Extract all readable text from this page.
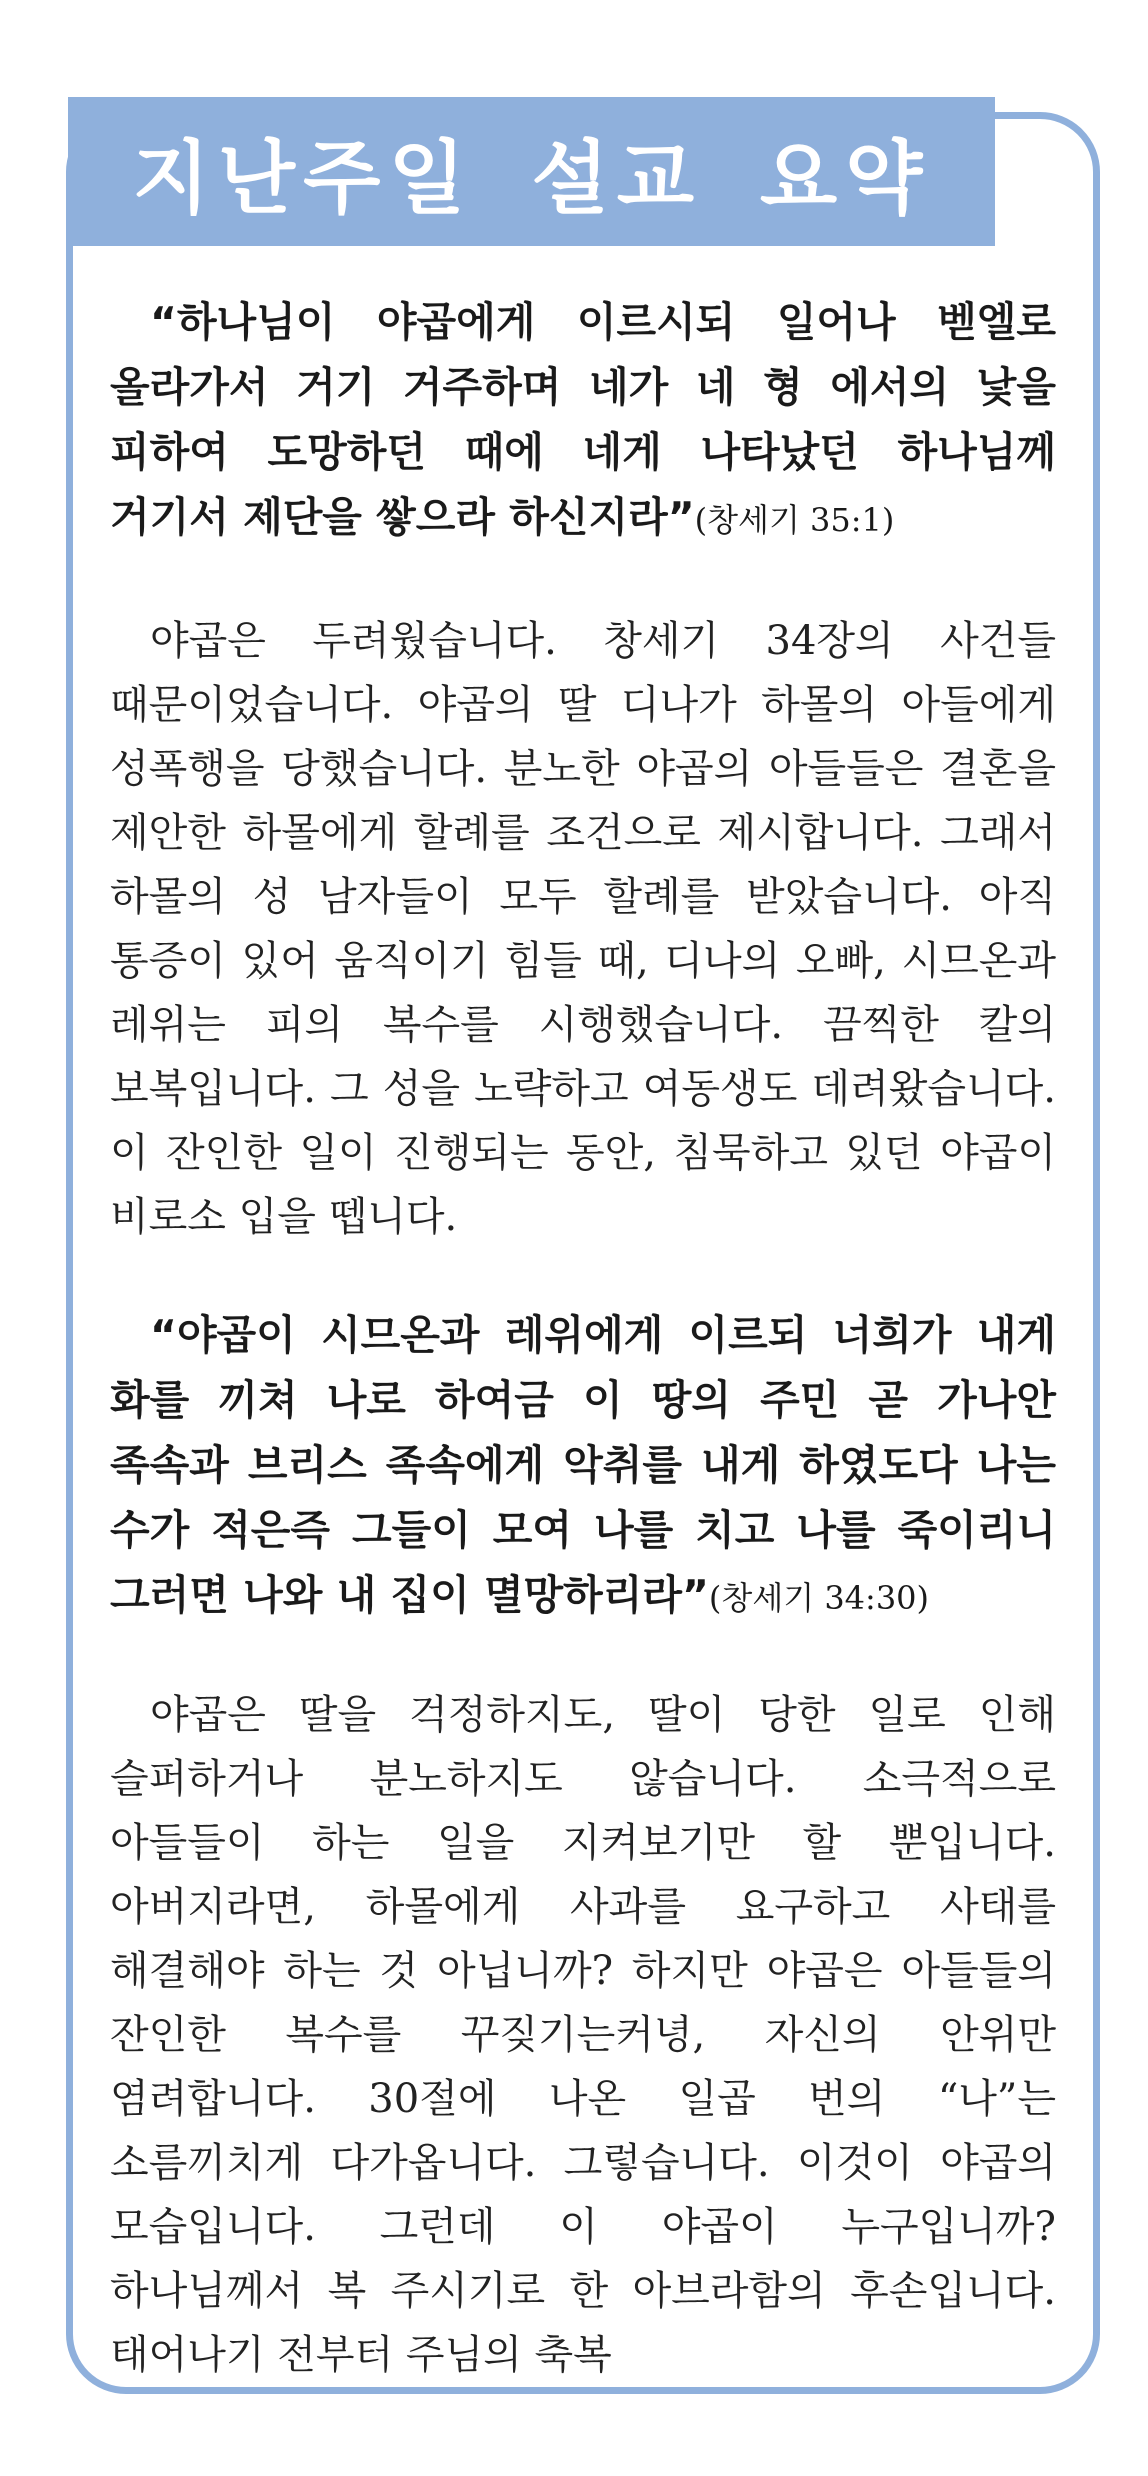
지난주일 설교 요약

“하나님이 야곱에게 이르시되 일어나 벧엘로 올라가서 거기 거주하며 네가 네 형 에서의 낯을 피하여 도망하던 때에 네게 나타났던 하나님께 거기서 제단을 쌓으라 하신지라”(창세기 35:1)

야곱은 두려웠습니다. 창세기 34장의 사건들 때문이었습니다. 야곱의 딸 디나가 하몰의 아들에게 성폭행을 당했습니다. 분노한 야곱의 아들들은 결혼을 제안한 하몰에게 할례를 조건으로 제시합니다. 그래서 하몰의 성 남자들이 모두 할례를 받았습니다. 아직 통증이 있어 움직이기 힘들 때, 디나의 오빠, 시므온과 레위는 피의 복수를 시행했습니다. 끔찍한 칼의 보복입니다. 그 성을 노략하고 여동생도 데려왔습니다. 이 잔인한 일이 진행되는 동안, 침묵하고 있던 야곱이 비로소 입을 뗍니다.

“야곱이 시므온과 레위에게 이르되 너희가 내게 화를 끼쳐 나로 하여금 이 땅의 주민 곧 가나안 족속과 브리스 족속에게 악취를 내게 하였도다 나는 수가 적은즉 그들이 모여 나를 치고 나를 죽이리니 그러면 나와 내 집이 멸망하리라”(창세기 34:30)

야곱은 딸을 걱정하지도, 딸이 당한 일로 인해 슬퍼하거나 분노하지도 않습니다. 소극적으로 아들들이 하는 일을 지켜보기만 할 뿐입니다. 아버지라면, 하몰에게 사과를 요구하고 사태를 해결해야 하는 것 아닙니까? 하지만 야곱은 아들들의 잔인한 복수를 꾸짖기는커녕, 자신의 안위만 염려합니다. 30절에 나온 일곱 번의 “나”는 소름끼치게 다가옵니다. 그렇습니다. 이것이 야곱의 모습입니다. 그런데 이 야곱이 누구입니까? 하나님께서 복 주시기로 한 아브라함의 후손입니다. 태어나기 전부터 주님의 축복
